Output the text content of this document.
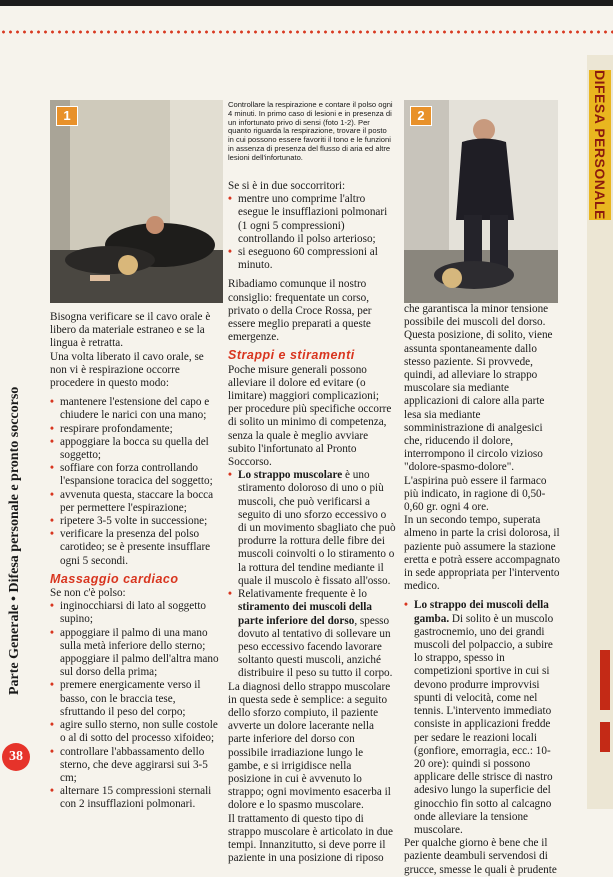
DIFESA PERSONALE
Parte Generale • Difesa personale e pronto soccorso
38
1	2

Bisogna verificare se il cavo orale è libero da materiale estraneo e se la lingua è retratta.

Una volta liberato il cavo orale, se non vi è respirazione occorre procedere in questo modo:

• mantenere l'estensione del capo e chiudere le narici con una mano;
• respirare profondamente;
• appoggiare la bocca su quella del soggetto;
• soffiare con forza controllando l'espansione toracica del soggetto;
• avvenuta questa, staccare la bocca per permettere l'espirazione;
• ripetere 3-5 volte in successione;
• verificare la presenza del polso carotideo; se è presente insufflare ogni 5 secondi.
Massaggio cardiaco

Se non c'è polso:

• inginocchiarsi di lato al soggetto supino;
• appoggiare il palmo di una mano sulla metà inferiore dello sterno; appoggiare il palmo dell'altra mano sul dorso della prima;
• premere energicamente verso il basso, con le braccia tese, sfruttando il peso del corpo;
• agire sullo sterno, non sulle costole o al di sotto del processo xifoideo;
• controllare l'abbassamento dello sterno, che deve aggirarsi sui 3-5 cm;
• alternare 15 compressioni sternali con 2 insufflazioni polmonari.
Controllare la respirazione e contare il polso ogni 4 minuti. In primo caso di lesioni e in presenza di un infortunato privo di sensi (foto 1-2). Per quanto riguarda la respirazione, trovare il posto in cui possono essere favoriti il tono e le funzioni in assenza di presenza del flusso di aria ed altre lesioni dell'infortunato.

Se si è in due soccorritori:

• mentre uno comprime l'altro esegue le insufflazioni polmonari (1 ogni 5 compressioni) controllando il polso arterioso;
• si eseguono 60 compressioni al minuto.

Ribadiamo comunque il nostro consiglio: frequentate un corso, privato o della Croce Rossa, per essere meglio preparati a queste emergenze.

Strappi e stiramenti

Poche misure generali possono alleviare il dolore ed evitare (o limitare) maggiori complicazioni; per procedure più specifiche occorre di solito un minimo di competenza, senza la quale è meglio avviare subito l'infortunato al Pronto Soccorso.

• Lo strappo muscolare è uno stiramento doloroso di uno o più muscoli, che può verificarsi a seguito di uno sforzo eccessivo o di un movimento sbagliato che può produrre la rottura delle fibre dei muscoli coinvolti o lo stiramento o la rottura del tendine mediante il quale il muscolo è fissato all'osso.
• Relativamente frequente è lo stiramento dei muscoli della parte inferiore del dorso, spesso dovuto al tentativo di sollevare un peso eccessivo facendo lavorare soltanto questi muscoli, anziché distribuire il peso su tutto il corpo.

La diagnosi dello strappo muscolare in questa sede è semplice: a seguito dello sforzo compiuto, il paziente avverte un dolore lacerante nella parte inferiore del dorso con possibile irradiazione lungo le gambe, e si irrigidisce nella posizione in cui è avvenuto lo strappo; ogni movimento esacerba il dolore e lo spasmo muscolare.

Il trattamento di questo tipo di strappo muscolare è articolato in due tempi. Innanzitutto, si deve porre il paziente in una posizione di riposo

che garantisca la minor tensione possibile dei muscoli del dorso. Questa posizione, di solito, viene assunta spontaneamente dallo stesso paziente. Si provvede, quindi, ad alleviare lo strappo muscolare sia mediante applicazioni di calore alla parte lesa sia mediante somministrazione di analgesici che, riducendo il dolore, interrompono il circolo vizioso "dolore-spasmo-dolore". L'aspirina può essere il farmaco più indicato, in ragione di 0,50-0,60 gr. ogni 4 ore.

In un secondo tempo, superata almeno in parte la crisi dolorosa, il paziente può assumere la stazione eretta e potrà essere accompagnato in sede appropriata per l'intervento medico.

• Lo strappo dei muscoli della gamba. Di solito è un muscolo gastrocnemio, uno dei grandi muscoli del polpaccio, a subire lo strappo, spesso in competizioni sportive in cui si devono produrre improvvisi spunti di velocità, come nel tennis. L'intervento immediato consiste in applicazioni fredde per sedare le reazioni locali (gonfiore, emorragia, ecc.: 10-20 ore): quindi si possono applicare delle strisce di nastro adesivo lungo la superficie del ginocchio fin sotto al calcagno onde alleviare la tensione muscolare.

Per qualche giorno è bene che il paziente deambuli servendosi di grucce, smesse le quali è prudente
